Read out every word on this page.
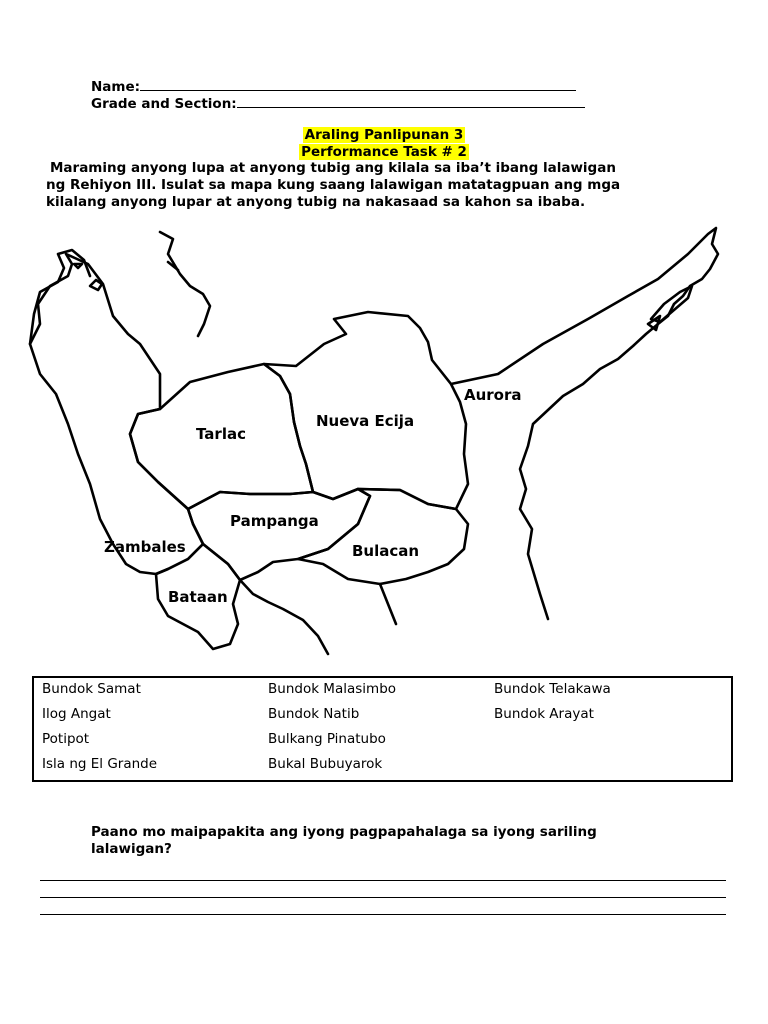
Name:
Grade and Section:
Araling Panlipunan 3
Performance Task # 2
Maraming anyong lupa at anyong tubig ang kilala sa iba’t ibang lalawigan ng Rehiyon III. Isulat sa mapa kung saang lalawigan matatagpuan ang mga kilalang anyong lupar at anyong tubig na nakasaad sa kahon sa ibaba.
Aurora
Nueva Ecija
Tarlac
Pampanga
Bulacan
Zambales
Bataan
Bundok Samat
Ilog Angat
Potipot
Isla ng El Grande
Bundok Malasimbo
Bundok Natib
Bulkang Pinatubo
Bukal Bubuyarok
Bundok Telakawa
Bundok Arayat
Paano mo maipapakita ang iyong pagpapahalaga sa iyong sariling lalawigan?
